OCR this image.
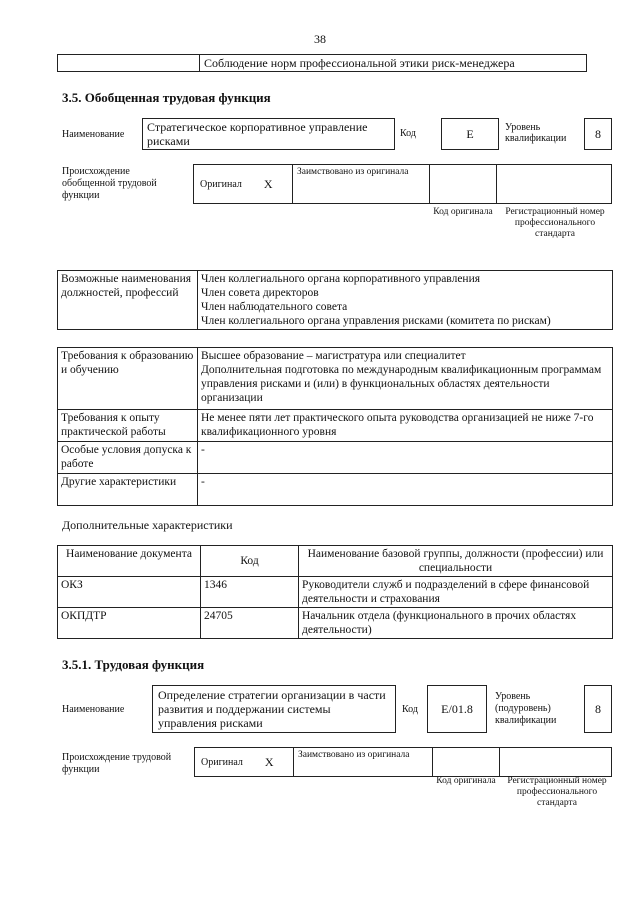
38
Соблюдение норм профессиональной этики риск-менеджера
3.5. Обобщенная трудовая функция
Наименование
Стратегическое корпоративное управление рисками
Код	E	Уровень квалификации	8
Происхождение обобщенной трудовой функции
Оригинал X
Заимствовано из оригинала
Код оригинала	Регистрационный номер профессионального стандарта
Возможные наименования должностей, профессий	
Член коллегиального органа корпоративного управления
Член совета директоров
Член наблюдательного совета
Член коллегиального органа управления рисками (комитета по рискам)
Требования к образованию и обучению	Высшее образование – магистратура или специалитет
Дополнительная подготовка по международным квалификационным программам управления рисками и (или) в функциональных областях деятельности организации

Требования к опыту практической работы	Не менее пяти лет практического опыта руководства организацией не ниже 7-го квалификационного уровня

Особые условия допуска к работе	-

Другие характеристики	-
Дополнительные характеристики
Наименование документа	Код	Наименование базовой группы, должности (профессии) или специальности
ОКЗ	1346	Руководители служб и подразделений в сфере финансовой деятельности и страхования
ОКПДТР	24705	Начальник отдела (функционального в прочих областях деятельности)
3.5.1. Трудовая функция
Наименование
Определение стратегии организации в части развития и поддержании системы управления рисками
Код E/01.8
Уровень (подуровень) квалификации
8
Происхождение трудовой функции
Оригинал X	Заимствовано из оригинала
Код оригинала	Регистрационный номер профессионального стандарта
